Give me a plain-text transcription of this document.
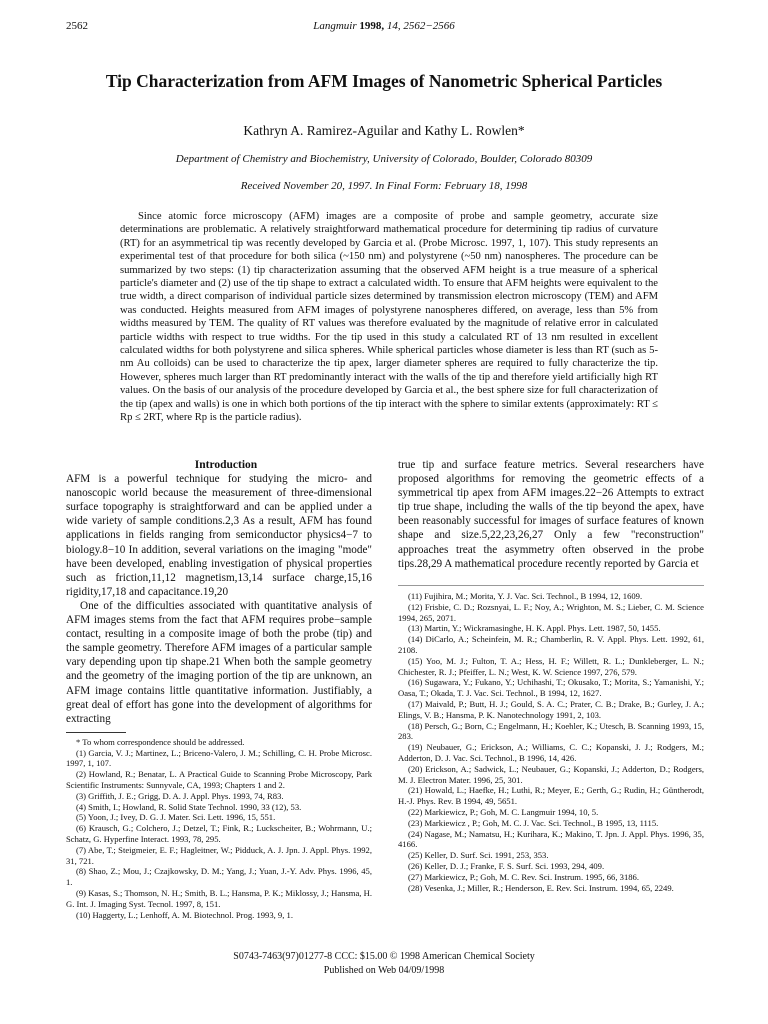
2562	Langmuir 1998, 14, 2562−2566
Tip Characterization from AFM Images of Nanometric Spherical Particles
Kathryn A. Ramirez-Aguilar and Kathy L. Rowlen*
Department of Chemistry and Biochemistry, University of Colorado, Boulder, Colorado 80309
Received November 20, 1997. In Final Form: February 18, 1998
Since atomic force microscopy (AFM) images are a composite of probe and sample geometry, accurate size determinations are problematic. A relatively straightforward mathematical procedure for determining tip radius of curvature (RT) for an asymmetrical tip was recently developed by Garcia et al. (Probe Microsc. 1997, 1, 107). This study represents an experimental test of that procedure for both silica (~150 nm) and polystyrene (~50 nm) nanospheres. The procedure can be summarized by two steps: (1) tip characterization assuming that the observed AFM height is a true measure of a spherical particle's diameter and (2) use of the tip shape to extract a calculated width. To ensure that AFM heights were equivalent to the true width, a direct comparison of individual particle sizes determined by transmission electron microscopy (TEM) and AFM was conducted. Heights measured from AFM images of polystyrene nanospheres differed, on average, less than 5% from widths measured by TEM. The quality of RT values was therefore evaluated by the magnitude of relative error in calculated particle widths with respect to true widths. For the tip used in this study a calculated RT of 13 nm resulted in excellent calculated widths for both polystyrene and silica spheres. While spherical particles whose diameter is less than RT (such as 5-nm Au colloids) can be used to characterize the tip apex, larger diameter spheres are required to fully characterize the tip. However, spheres much larger than RT predominantly interact with the walls of the tip and therefore yield artificially high RT values. On the basis of our analysis of the procedure developed by Garcia et al., the best sphere size for full characterization of the tip (apex and walls) is one in which both portions of the tip interact with the sphere to similar extents (approximately: RT ≤ Rp ≤ 2RT, where Rp is the particle radius).

Introduction

AFM is a powerful technique for studying the micro- and nanoscopic world because the measurement of three-dimensional surface topography is straightforward and can be applied under a wide variety of sample conditions.2,3 As a result, AFM has found applications in fields ranging from semiconductor physics4−7 to biology.8−10 In addition, several variations on the imaging "mode" have been developed, enabling investigation of physical properties such as friction,11,12 magnetism,13,14 surface charge,15,16 rigidity,17,18 and capacitance.19,20

One of the difficulties associated with quantitative analysis of AFM images stems from the fact that AFM requires probe−sample contact, resulting in a composite image of both the probe (tip) and the sample geometry. Therefore AFM images of a particular sample vary depending upon tip shape.21 When both the sample geometry and the geometry of the imaging portion of the tip are unknown, an AFM image contains little quantitative information. Justifiably, a great deal of effort has gone into the development of algorithms for extracting

* To whom correspondence should be addressed.
(1) Garcia, V. J.; Martinez, L.; Briceno-Valero, J. M.; Schilling, C. H. Probe Microsc. 1997, 1, 107.
(2) Howland, R.; Benatar, L. A Practical Guide to Scanning Probe Microscopy, Park Scientific Instruments: Sunnyvale, CA, 1993; Chapters 1 and 2.
(3) Griffith, J. E.; Grigg, D. A. J. Appl. Phys. 1993, 74, R83.
(4) Smith, I.; Howland, R. Solid State Technol. 1990, 33 (12), 53.
(5) Yoon, J.; Ivey, D. G. J. Mater. Sci. Lett. 1996, 15, 551.
(6) Krausch, G.; Colchero, J.; Detzel, T.; Fink, R.; Luckscheiter, B.; Wohrmann, U.; Schatz, G. Hyperfine Interact. 1993, 78, 295.
(7) Abe, T.; Steigmeier, E. F.; Hagleitner, W.; Pidduck, A. J. Jpn. J. Appl. Phys. 1992, 31, 721.
(8) Shao, Z.; Mou, J.; Czajkowsky, D. M.; Yang, J.; Yuan, J.-Y. Adv. Phys. 1996, 45, 1.
(9) Kasas, S.; Thomson, N. H.; Smith, B. L.; Hansma, P. K.; Miklossy, J.; Hansma, H. G. Int. J. Imaging Syst. Tecnol. 1997, 8, 151.
(10) Haggerty, L.; Lenhoff, A. M. Biotechnol. Prog. 1993, 9, 1.

true tip and surface feature metrics. Several researchers have proposed algorithms for removing the geometric effects of a symmetrical tip apex from AFM images.22−26 Attempts to extract tip true shape, including the walls of the tip beyond the apex, have been reasonably successful for images of surface features of known shape and size.5,22,23,26,27 Only a few "reconstruction" approaches treat the asymmetry often observed in the probe tips.28,29 A mathematical procedure recently reported by Garcia et

(11) Fujihira, M.; Morita, Y. J. Vac. Sci. Technol., B 1994, 12, 1609.
(12) Frisbie, C. D.; Rozsnyai, L. F.; Noy, A.; Wrighton, M. S.; Lieber, C. M. Science 1994, 265, 2071.
(13) Martin, Y.; Wickramasinghe, H. K. Appl. Phys. Lett. 1987, 50, 1455.
(14) DiCarlo, A.; Scheinfein, M. R.; Chamberlin, R. V. Appl. Phys. Lett. 1992, 61, 2108.
(15) Yoo, M. J.; Fulton, T. A.; Hess, H. F.; Willett, R. L.; Dunkleberger, L. N.; Chichester, R. J.; Pfeiffer, L. N.; West, K. W. Science 1997, 276, 579.
(16) Sugawara, Y.; Fukano, Y.; Uchihashi, T.; Okusako, T.; Morita, S.; Yamanishi, Y.; Oasa, T.; Okada, T. J. Vac. Sci. Technol., B 1994, 12, 1627.
(17) Maivald, P.; Butt, H. J.; Gould, S. A. C.; Prater, C. B.; Drake, B.; Gurley, J. A.; Elings, V. B.; Hansma, P. K. Nanotechnology 1991, 2, 103.
(18) Persch, G.; Born, C.; Engelmann, H.; Koehler, K.; Utesch, B. Scanning 1993, 15, 283.
(19) Neubauer, G.; Erickson, A.; Williams, C. C.; Kopanski, J. J.; Rodgers, M.; Adderton, D. J. Vac. Sci. Technol., B 1996, 14, 426.
(20) Erickson, A.; Sadwick, L.; Neubauer, G.; Kopanski, J.; Adderton, D.; Rodgers, M. J. Electron Mater. 1996, 25, 301.
(21) Howald, L.; Haefke, H.; Luthi, R.; Meyer, E.; Gerth, G.; Rudin, H.; Güntherodt, H.-J. Phys. Rev. B 1994, 49, 5651.
(22) Markiewicz, P.; Goh, M. C. Langmuir 1994, 10, 5.
(23) Markiewicz , P.; Goh, M. C. J. Vac. Sci. Technol., B 1995, 13, 1115.
(24) Nagase, M.; Namatsu, H.; Kurihara, K.; Makino, T. Jpn. J. Appl. Phys. 1996, 35, 4166.
(25) Keller, D. Surf. Sci. 1991, 253, 353.
(26) Keller, D. J.; Franke, F. S. Surf. Sci. 1993, 294, 409.
(27) Markiewicz, P.; Goh, M. C. Rev. Sci. Instrum. 1995, 66, 3186.
(28) Vesenka, J.; Miller, R.; Henderson, E. Rev. Sci. Instrum. 1994, 65, 2249.
S0743-7463(97)01277-8 CCC: $15.00 © 1998 American Chemical Society
Published on Web 04/09/1998
